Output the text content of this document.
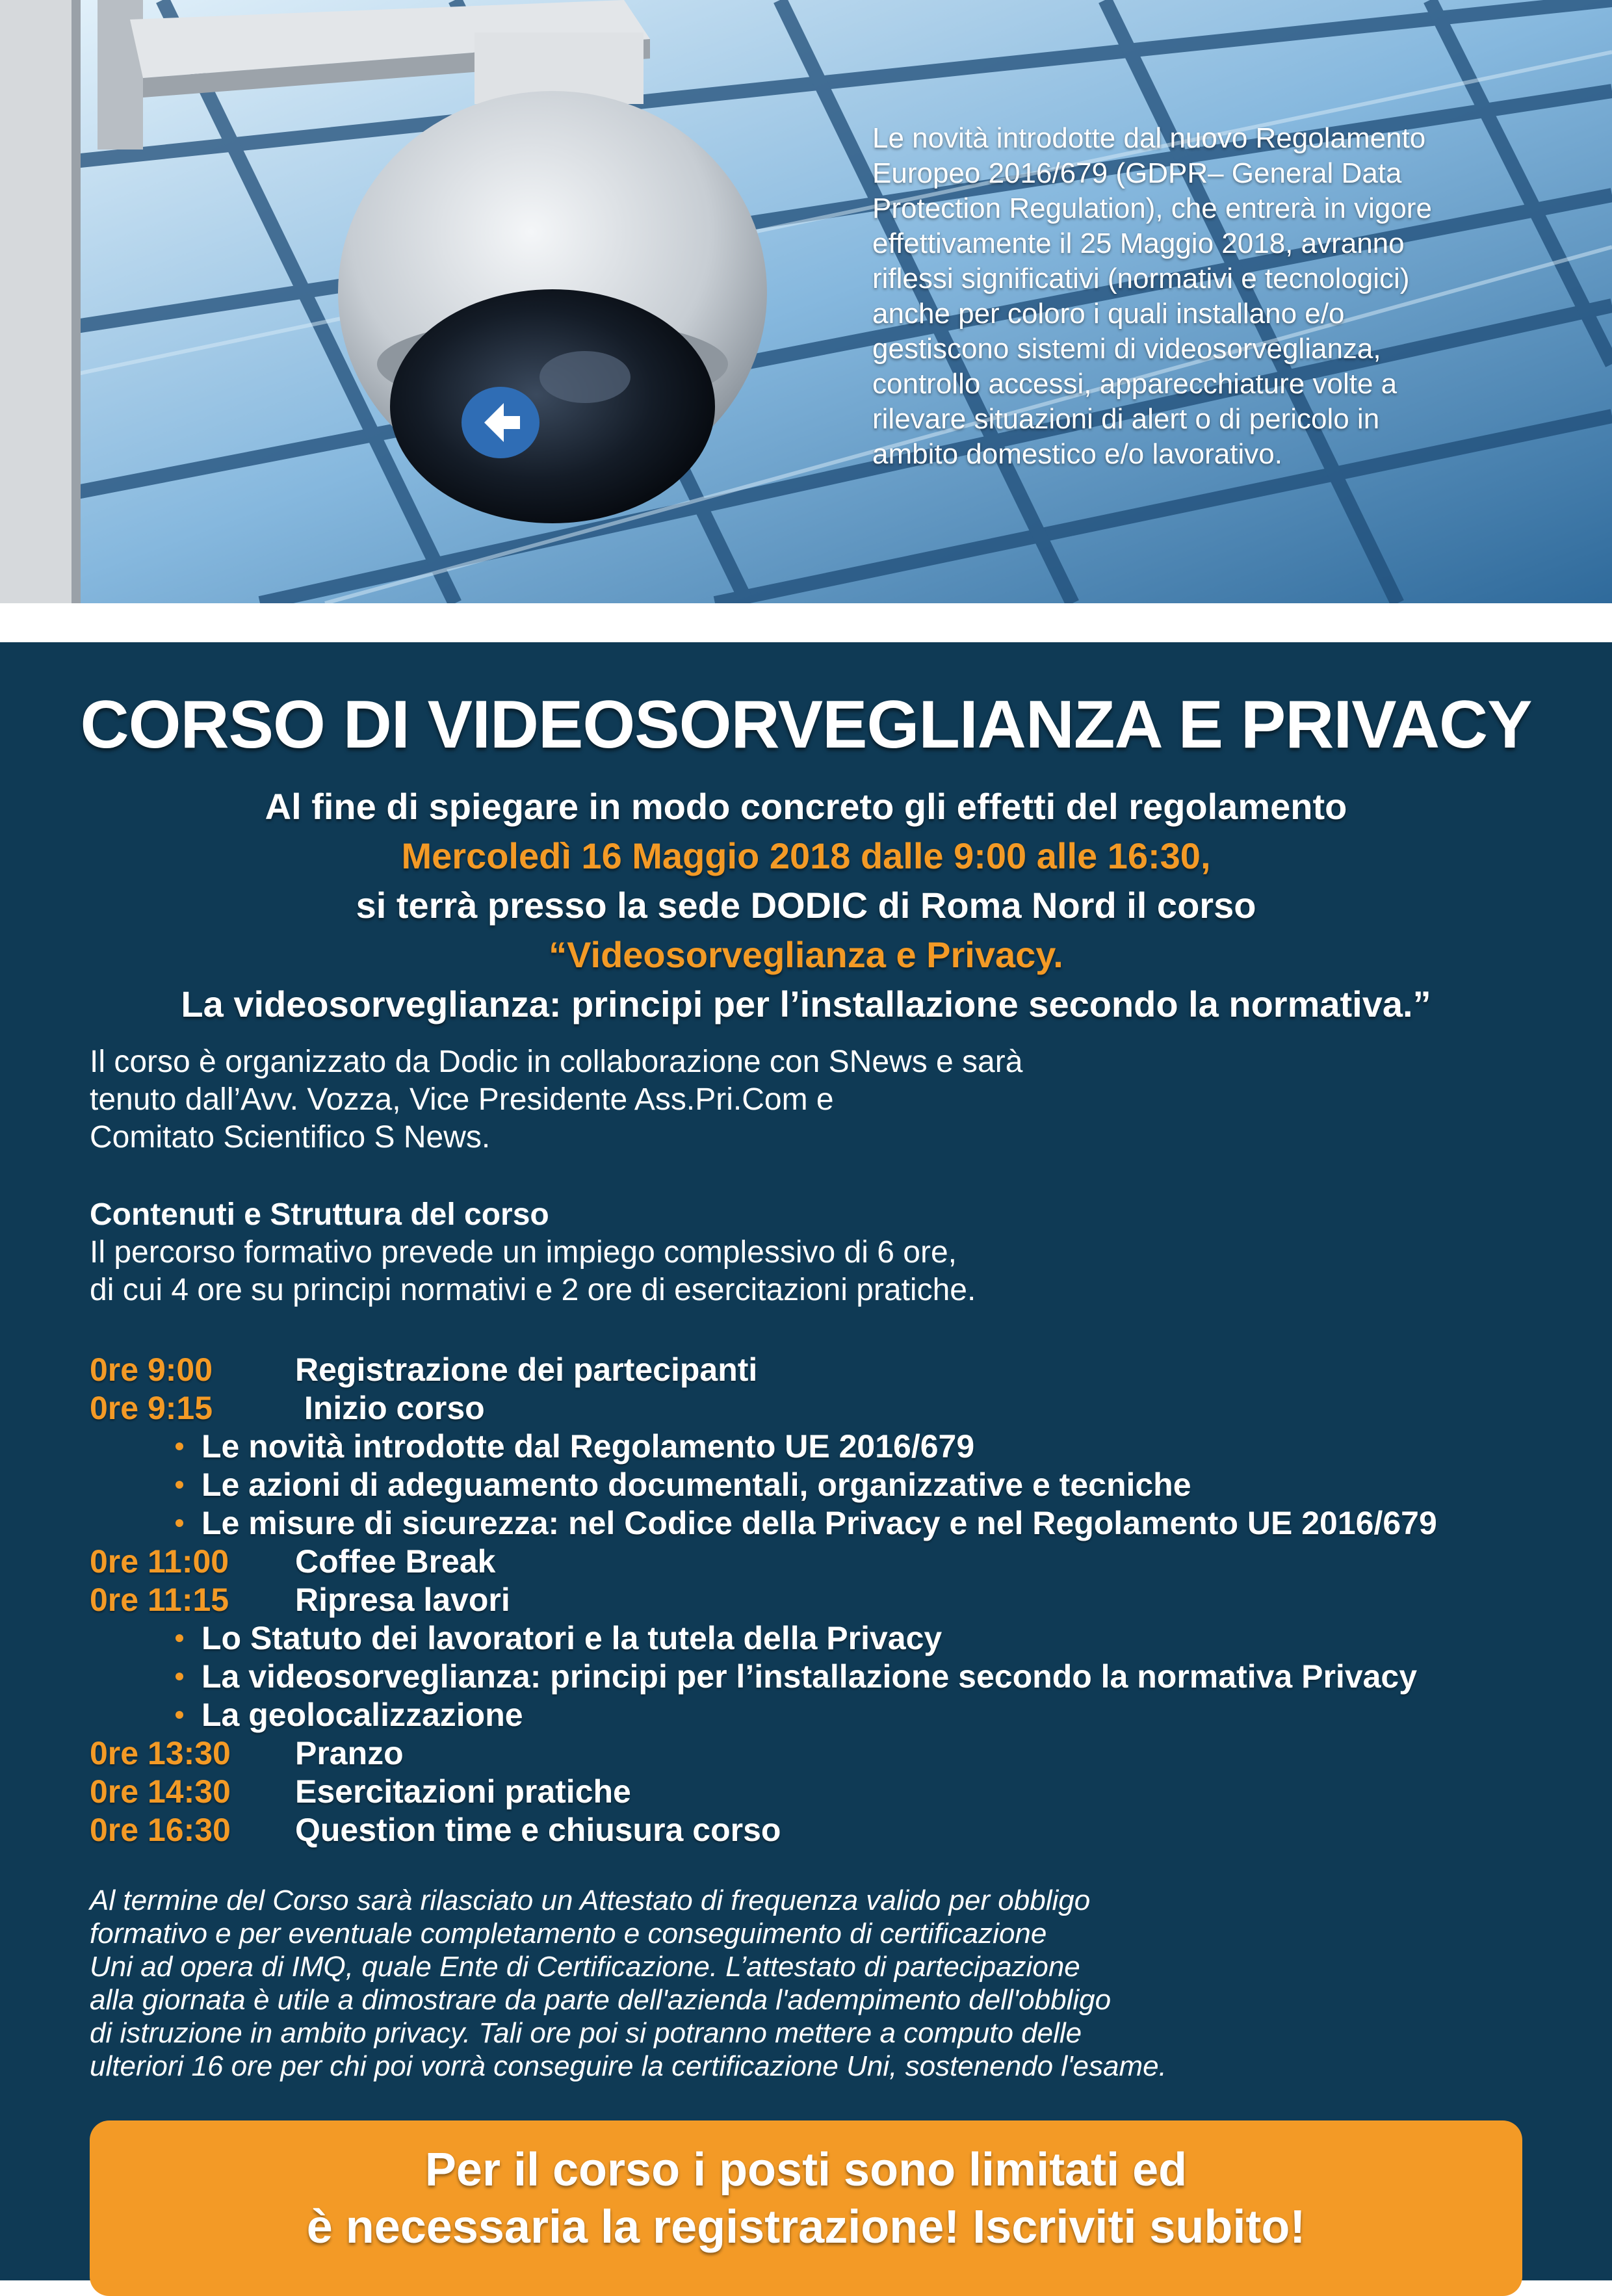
Le novità introdotte dal nuovo Regolamento
Europeo 2016/679 (GDPR– General Data
Protection Regulation), che entrerà in vigore
effettivamente il 25 Maggio 2018, avranno
riflessi significativi (normativi e tecnologici)
anche per coloro i quali installano e/o
gestiscono sistemi di videosorveglianza,
controllo accessi, apparecchiature volte a
rilevare situazioni di alert o di pericolo in
ambito domestico e/o lavorativo.
CORSO DI VIDEOSORVEGLIANZA E PRIVACY
Al fine di spiegare in modo concreto gli effetti del regolamento
Mercoledì 16 Maggio 2018 dalle 9:00 alle 16:30,
si terrà presso la sede DODIC di Roma Nord il corso
“Videosorveglianza e Privacy.
La videosorveglianza: principi per l’installazione secondo la normativa.”
Il corso è organizzato da Dodic in collaborazione con SNews e sarà
tenuto dall’Avv. Vozza, Vice Presidente Ass.Pri.Com e
Comitato Scientifico S News.
Contenuti e Struttura del corso
Il percorso formativo prevede un impiego complessivo di 6 ore,
di cui 4 ore su principi normativi e 2 ore di esercitazioni pratiche.
0re 9:00	Registrazione dei partecipanti
0re 9:15	Inizio corso
Le novità introdotte dal Regolamento UE 2016/679
Le azioni di adeguamento documentali, organizzative e tecniche
Le misure di sicurezza: nel Codice della Privacy e nel Regolamento UE 2016/679
0re 11:00 Coffee Break
0re 11:15 Ripresa lavori
Lo Statuto dei lavoratori e la tutela della Privacy
La videosorveglianza: principi per l’installazione secondo la normativa Privacy
La geolocalizzazione
0re 13:30 Pranzo
0re 14:30 Esercitazioni pratiche
0re 16:30 Question time e chiusura corso
Al termine del Corso sarà rilasciato un Attestato di frequenza valido per obbligo
formativo e per eventuale completamento e conseguimento di certificazione
Uni ad opera di IMQ, quale Ente di Certificazione. L’attestato di partecipazione
alla giornata è utile a dimostrare da parte dell'azienda l'adempimento dell'obbligo
di istruzione in ambito privacy. Tali ore poi si potranno mettere a computo delle
ulteriori 16 ore per chi poi vorrà conseguire la certificazione Uni, sostenendo l'esame.
Per il corso i posti sono limitati ed
è necessaria la registrazione! Iscriviti subito!
